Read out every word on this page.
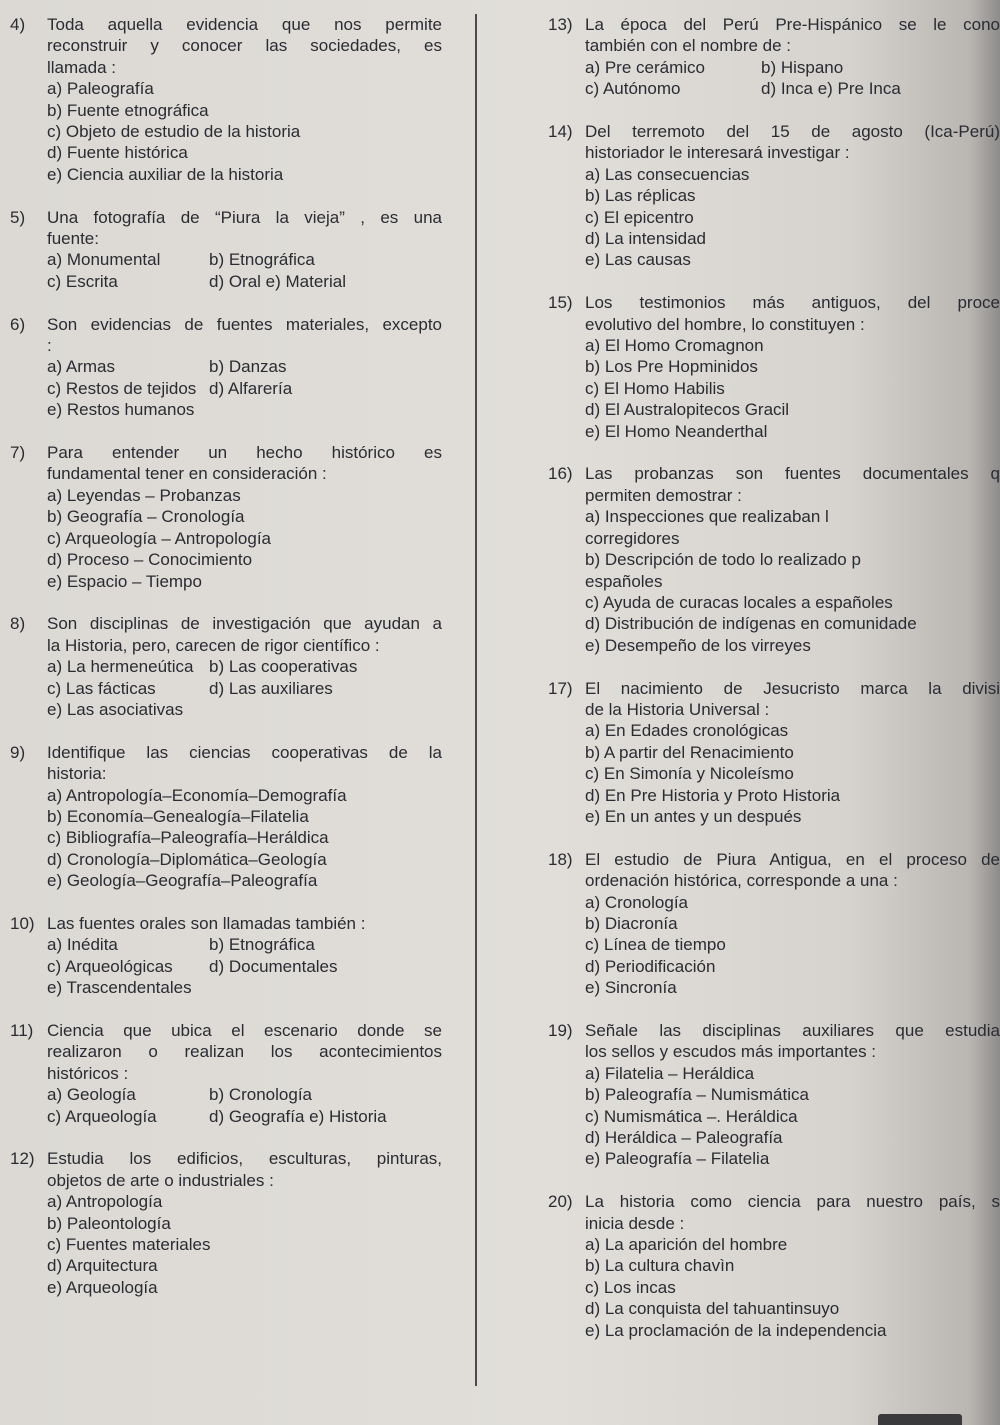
4) Toda aquella evidencia que nos permite
reconstruir y conocer las sociedades, es
llamada :
a) Paleografía
b) Fuente etnográfica
c) Objeto de estudio de la historia
d) Fuente histórica
e) Ciencia auxiliar de la historia
5) Una fotografía de “Piura la vieja” , es una
fuente:
a) Monumental	b) Etnográfica
c) Escrita	d) Oral e) Material
6) Son evidencias de fuentes materiales, excepto
:
a) Armas	b) Danzas
c) Restos de tejidos d) Alfarería
e) Restos humanos
7) Para entender un hecho histórico es
fundamental tener en consideración :
a) Leyendas – Probanzas
b) Geografía – Cronología
c) Arqueología – Antropología
d) Proceso – Conocimiento
e) Espacio – Tiempo
8) Son disciplinas de investigación que ayudan a
la Historia, pero, carecen de rigor científico :
a) La hermeneútica b) Las cooperativas
c) Las fácticas	d) Las auxiliares
e) Las asociativas
9) Identifique las ciencias cooperativas de la
historia:
a) Antropología–Economía–Demografía
b) Economía–Genealogía–Filatelia
c) Bibliografía–Paleografía–Heráldica
d) Cronología–Diplomática–Geología
e) Geología–Geografía–Paleografía
10) Las fuentes orales son llamadas también :
a) Inédita	b) Etnográfica
c) Arqueológicas	d) Documentales
e) Trascendentales
11) Ciencia que ubica el escenario donde se
realizaron o realizan los acontecimientos
históricos :
a) Geología	b) Cronología
c) Arqueología	d) Geografía e) Historia
12) Estudia los edificios, esculturas, pinturas,
objetos de arte o industriales :
a) Antropología
b) Paleontología
c) Fuentes materiales
d) Arquitectura
e) Arqueología
13) La época del Perú Pre-Hispánico se le cono
también con el nombre de :
a) Pre cerámico	b) Hispano
c) Autónomo	d) Inca e) Pre Inca
14) Del terremoto del 15 de agosto (Ica-Perú)
historiador le interesará investigar :
a) Las consecuencias
b) Las réplicas
c) El epicentro
d) La intensidad
e) Las causas
15) Los testimonios más antiguos, del proce
evolutivo del hombre, lo constituyen :
a) El Homo Cromagnon
b) Los Pre Hopminidos
c) El Homo Habilis
d) El Australopitecos Gracil
e) El Homo Neanderthal
16) Las probanzas son fuentes documentales q
permiten demostrar :
a) Inspecciones que realizaban l
corregidores
b) Descripción de todo lo realizado p
españoles
c) Ayuda de curacas locales a españoles
d) Distribución de indígenas en comunidade
e) Desempeño de los virreyes
17) El nacimiento de Jesucristo marca la divisi
de la Historia Universal :
a) En Edades cronológicas
b) A partir del Renacimiento
c) En Simonía y Nicoleísmo
d) En Pre Historia y Proto Historia
e) En un antes y un después
18) El estudio de Piura Antigua, en el proceso de
ordenación histórica, corresponde a una :
a) Cronología
b) Diacronía
c) Línea de tiempo
d) Periodificación
e) Sincronía
19) Señale las disciplinas auxiliares que estudia
los sellos y escudos más importantes :
a) Filatelia – Heráldica
b) Paleografía – Numismática
c) Numismática –. Heráldica
d) Heráldica – Paleografía
e) Paleografía – Filatelia
20) La historia como ciencia para nuestro país, s
inicia desde :
a) La aparición del hombre
b) La cultura chavìn
c) Los incas
d) La conquista del tahuantinsuyo
e) La proclamación de la independencia
